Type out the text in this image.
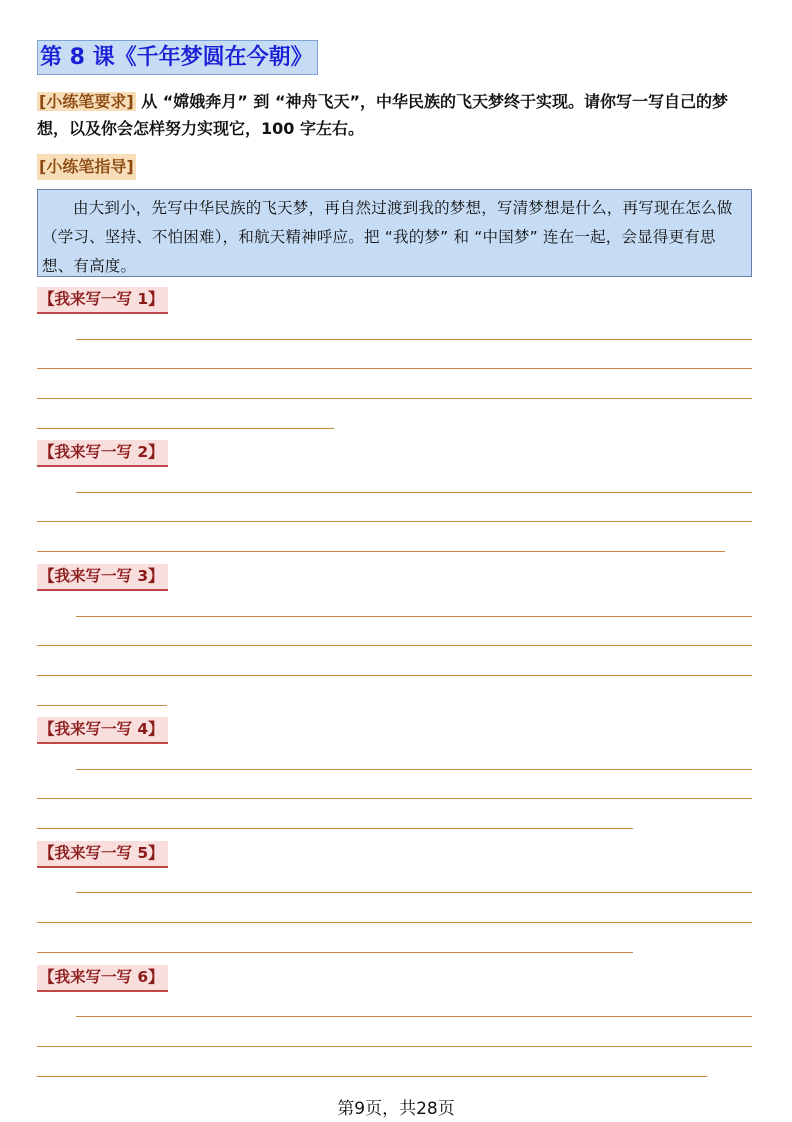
第 8 课《千年梦圆在今朝》
[小练笔要求] 从 “嫦娥奔月” 到 “神舟飞天”，中华民族的飞天梦终于实现。请你写一写自己的梦想，以及你会怎样努力实现它，100 字左右。
[小练笔指导]
由大到小，先写中华民族的飞天梦，再自然过渡到我的梦想，写清梦想是什么，再写现在怎么做（学习、坚持、不怕困难），和航天精神呼应。把 “我的梦” 和 “中国梦” 连在一起，会显得更有思想、有高度。
【我来写一写 1】
【我来写一写 2】
【我来写一写 3】
【我来写一写 4】
【我来写一写 5】
【我来写一写 6】
第9页，共28页
